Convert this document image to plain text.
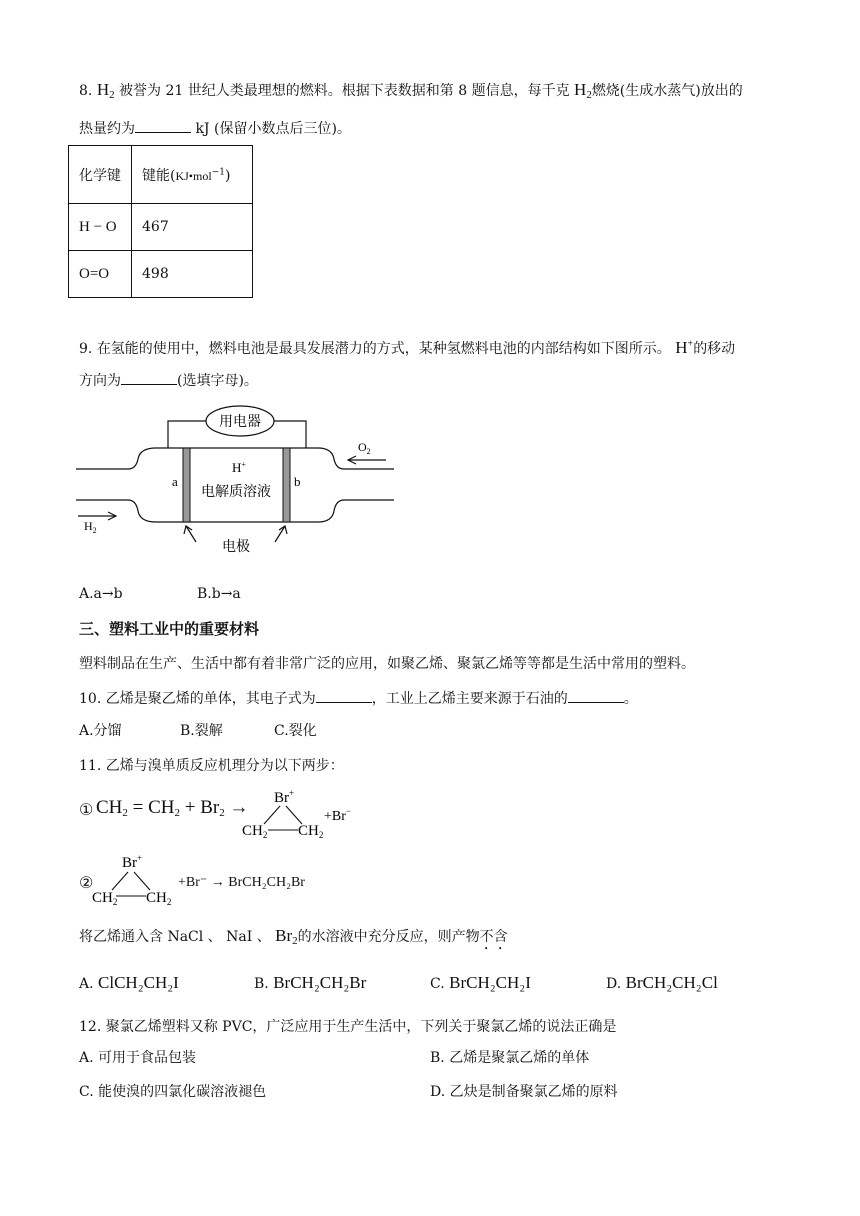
8. $H_2$ 被誉为 21 世纪人类最理想的燃料。根据下表数据和第 8 题信息，每千克 $H_2$燃烧(生成水蒸气)放出的
热量约为	kJ (保留小数点后三位)。
化学键	键能(KJ•mol$^{-1}$)
H − O	467
O=O	498
9. 在氢能的使用中，燃料电池是最具发展潜力的方式，某种氢燃料电池的内部结构如下图所示。 H+的移动
方向为	(选填字母)。
用电器
$O_2$
H+
电解质溶液
a	b
$H_2$
电极
A.a→b	B.b→a
三、塑料工业中的重要材料
塑料制品在生产、生活中都有着非常广泛的应用，如聚乙烯、聚氯乙烯等等都是生活中常用的塑料。
10. 乙烯是聚乙烯的单体，其电子式为	，工业上乙烯主要来源于石油的	。
A.分馏	B.裂解	C.裂化
11. 乙烯与溴单质反应机理分为以下两步：
① $CH_2 = CH_2 + Br_2 \to Br^+$
$CH_2$ $CH_2$
+Br−
②
Br+
$CH_2$ $CH_2$
+Br⁻ → BrCH₂CH₂Br
将乙烯通入含 NaCl 、 NaI 、 $Br_2$的水溶液中充分反应，则产物不含
A. ClCH₂CH₂I	B. BrCH₂CH₂Br	C. BrCH₂CH₂I	D. BrCH₂CH₂Cl
12. 聚氯乙烯塑料又称 PVC，广泛应用于生产生活中，下列关于聚氯乙烯的说法正确是
A. 可用于食品包装	B. 乙烯是聚氯乙烯的单体
C. 能使溴的四氯化碳溶液褪色	D. 乙炔是制备聚氯乙烯的原料
